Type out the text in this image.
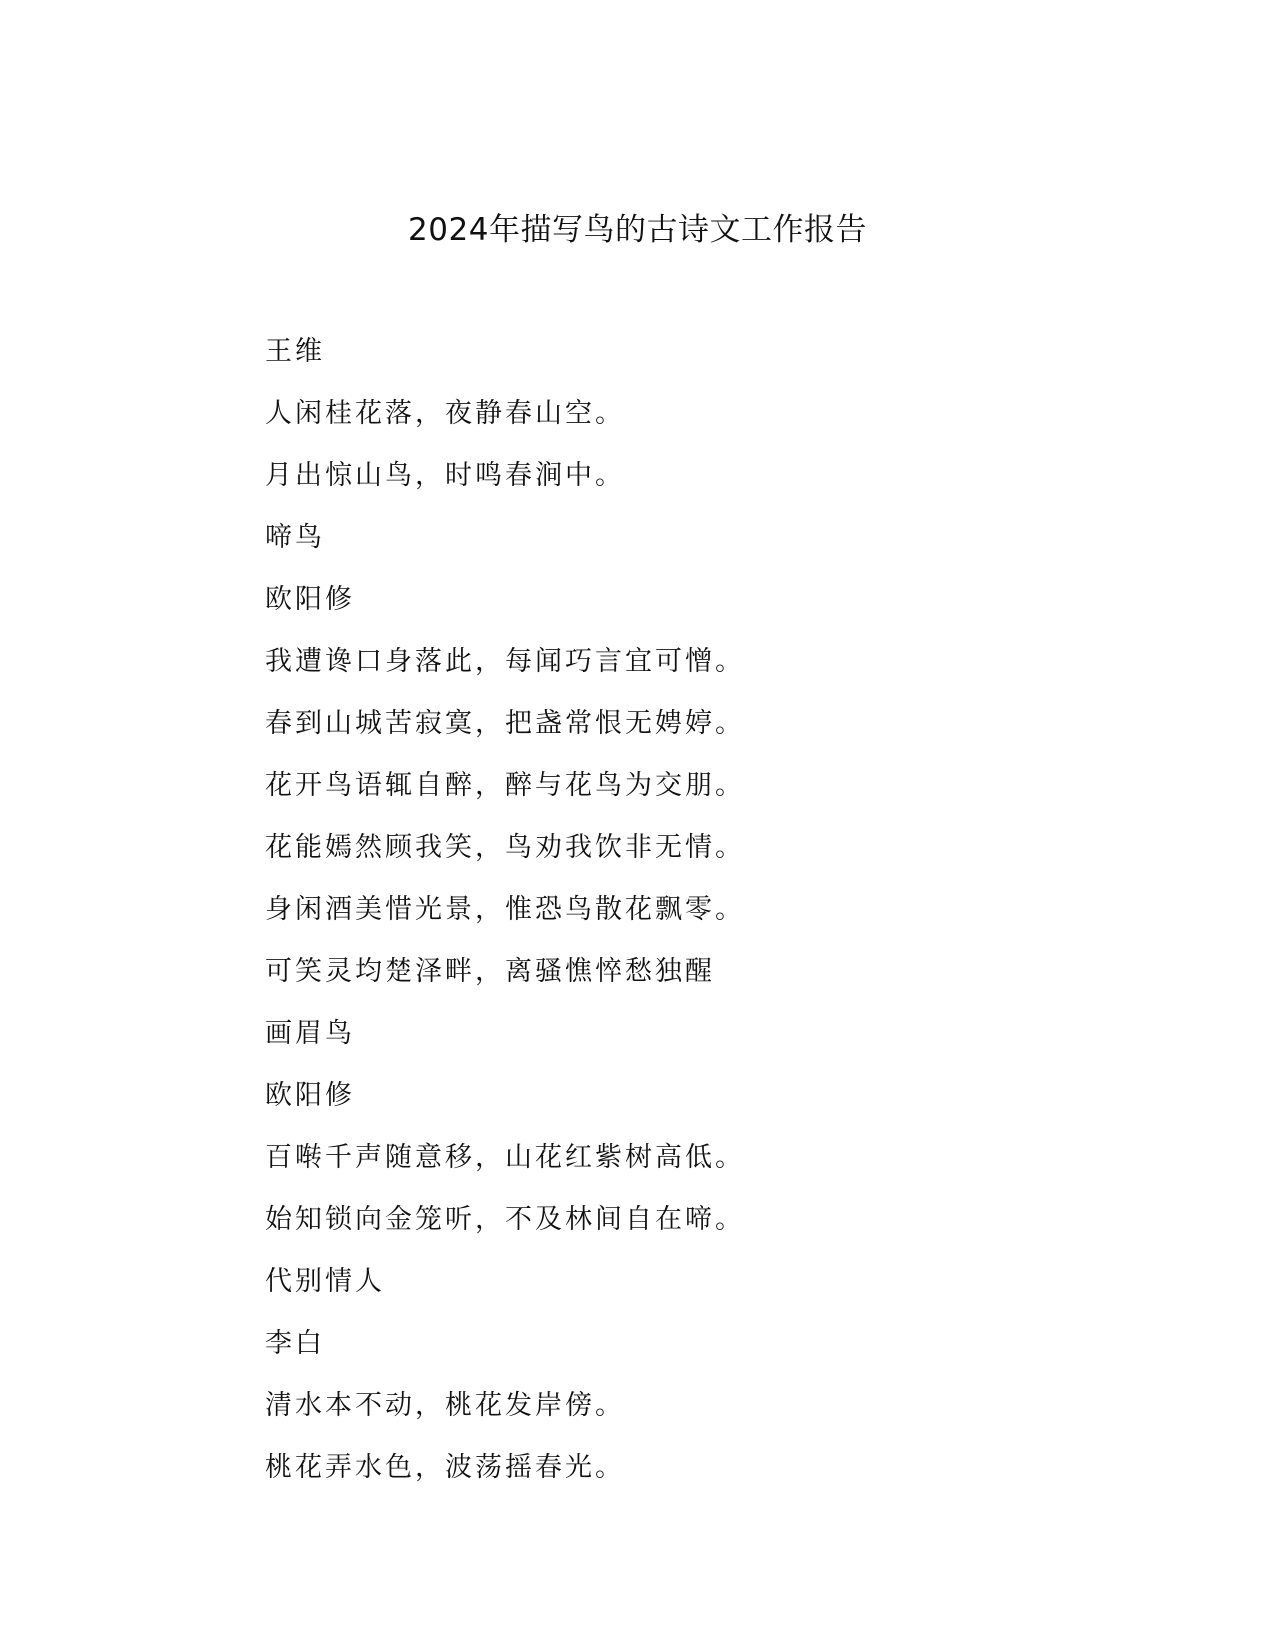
2024年描写鸟的古诗文工作报告
王维
人闲桂花落，夜静春山空。
月出惊山鸟，时鸣春涧中。
啼鸟
欧阳修
我遭谗口身落此，每闻巧言宜可憎。
春到山城苦寂寞，把盏常恨无娉婷。
花开鸟语辄自醉，醉与花鸟为交朋。
花能嫣然顾我笑，鸟劝我饮非无情。
身闲酒美惜光景，惟恐鸟散花飘零。
可笑灵均楚泽畔，离骚憔悴愁独醒
画眉鸟
欧阳修
百啭千声随意移，山花红紫树高低。
始知锁向金笼听，不及林间自在啼。
代别情人
李白
清水本不动，桃花发岸傍。
桃花弄水色，波荡摇春光。
